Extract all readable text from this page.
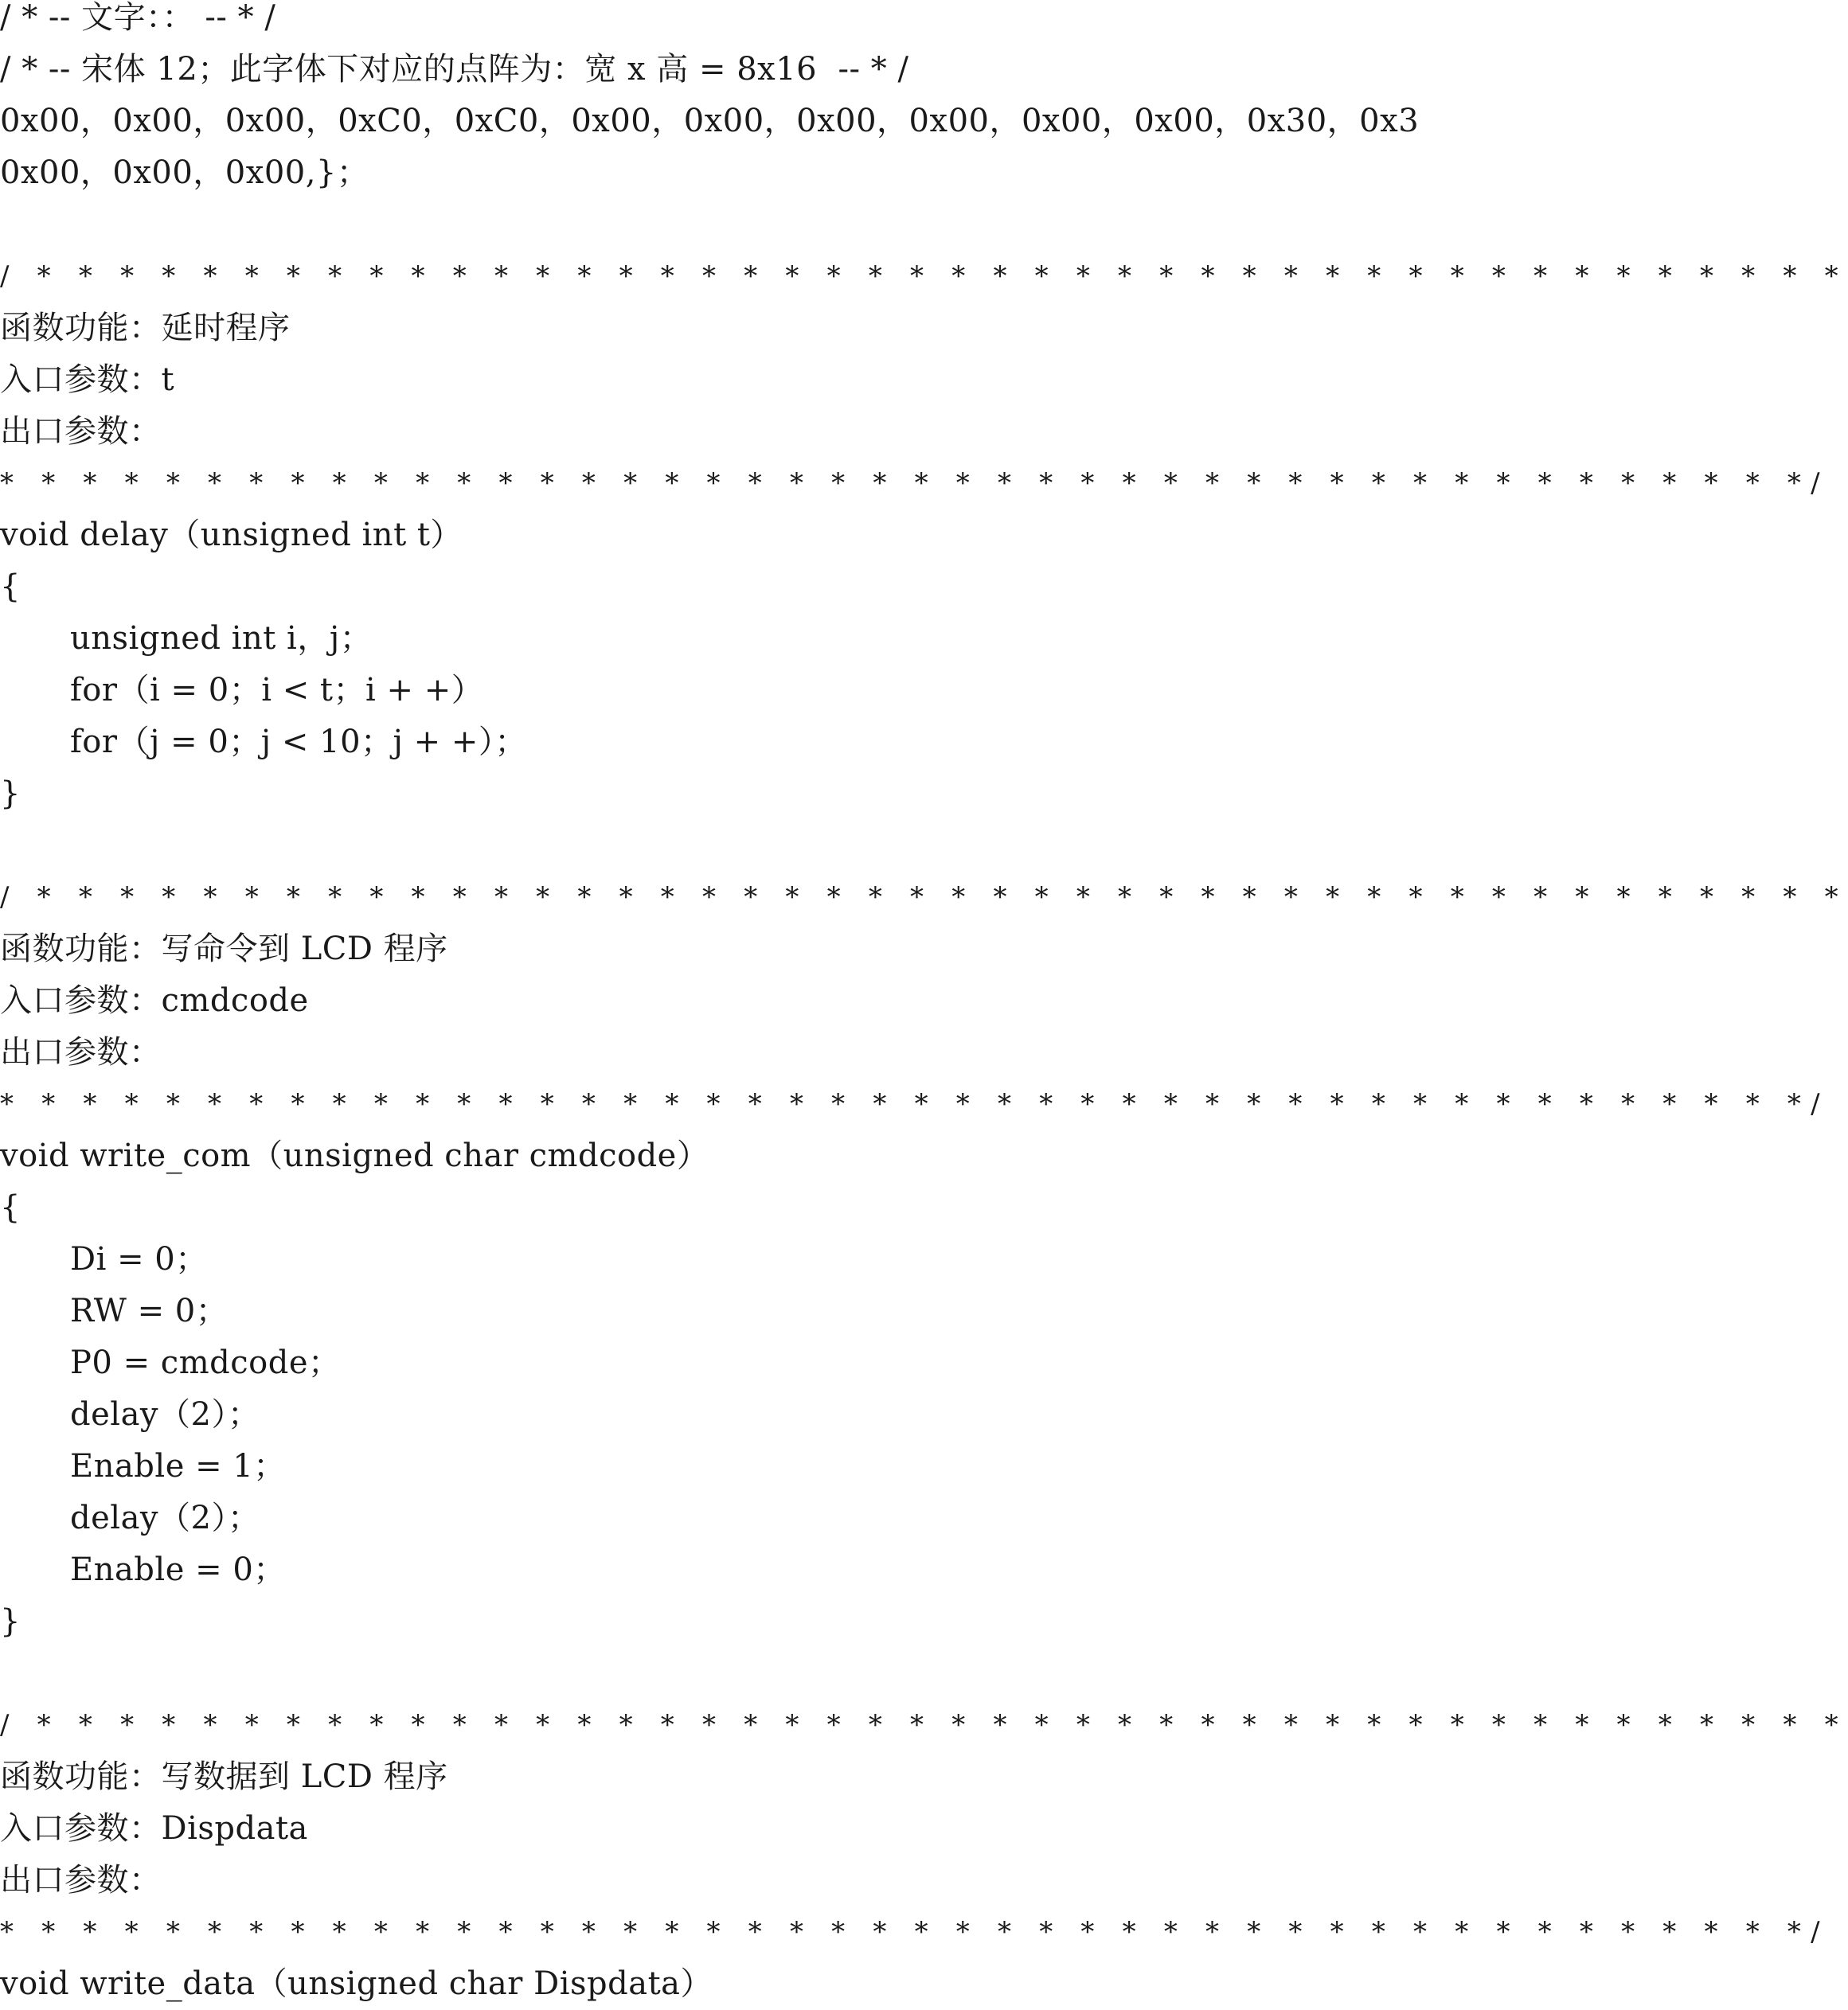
/ * -- 文字：： -- * /
/ * -- 宋体 12；此字体下对应的点阵为：宽 x 高 = 8x16  -- * /
0x00，0x00，0x00，0xC0，0xC0，0x00，0x00，0x00，0x00，0x00，0x00，0x30，0x3
0x00，0x00，0x00,}；
/ * * * * * * * * * * * * * * * * * * * * * * * * * * * * * * * * * * * * * * * * * * * *
函数功能：延时程序
入口参数：t
出口参数：
* * * * * * * * * * * * * * * * * * * * * * * * * * * * * * * * * * * * * * * * * * * */
void delay（unsigned int t）
{
unsigned int i，j；
for（i = 0；i < t；i + +）
for（j = 0；j < 10；j + +）；
}
/ * * * * * * * * * * * * * * * * * * * * * * * * * * * * * * * * * * * * * * * * * * * *
函数功能：写命令到 LCD 程序
入口参数：cmdcode
出口参数：
* * * * * * * * * * * * * * * * * * * * * * * * * * * * * * * * * * * * * * * * * * * */
void write_com（unsigned char cmdcode）
{
Di = 0；
RW = 0；
P0 = cmdcode；
delay（2）；
Enable = 1；
delay（2）；
Enable = 0；
}
/ * * * * * * * * * * * * * * * * * * * * * * * * * * * * * * * * * * * * * * * * * * * *
函数功能：写数据到 LCD 程序
入口参数：Dispdata
出口参数：
* * * * * * * * * * * * * * * * * * * * * * * * * * * * * * * * * * * * * * * * * * * */
void write_data（unsigned char Dispdata）
